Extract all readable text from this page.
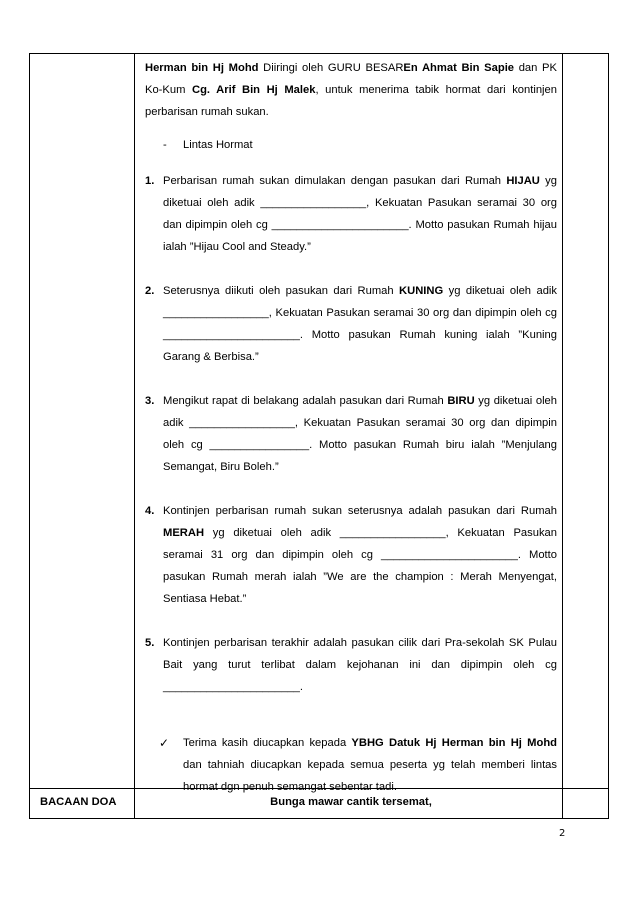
Herman bin Hj Mohd Diiringi oleh GURU BESAREn Ahmat Bin Sapie dan PK Ko-Kum Cg. Arif Bin Hj Malek, untuk menerima tabik hormat dari kontinjen perbarisan rumah sukan.

- Lintas Hormat

1. Perbarisan rumah sukan dimulakan dengan pasukan dari Rumah HIJAU yg diketuai oleh adik _________________, Kekuatan Pasukan seramai 30 org dan dipimpin oleh cg ______________________. Motto pasukan Rumah hijau ialah ”Hijau Cool and Steady.”
2. Seterusnya diikuti oleh pasukan dari Rumah KUNING yg diketuai oleh adik _________________, Kekuatan Pasukan seramai 30 org dan dipimpin oleh cg ______________________. Motto pasukan Rumah kuning ialah ”Kuning Garang & Berbisa.”
3. Mengikut rapat di belakang adalah pasukan dari Rumah BIRU yg diketuai oleh adik _________________, Kekuatan Pasukan seramai 30 org dan dipimpin oleh cg ________________. Motto pasukan Rumah biru ialah ”Menjulang Semangat, Biru Boleh.”
4. Kontinjen perbarisan rumah sukan seterusnya adalah pasukan dari Rumah MERAH yg diketuai oleh adik _________________, Kekuatan Pasukan seramai 31 org dan dipimpin oleh cg ______________________. Motto pasukan Rumah merah ialah ”We are the champion : Merah Menyengat, Sentiasa Hebat.”
5. Kontinjen perbarisan terakhir adalah pasukan cilik dari Pra-sekolah SK Pulau Bait yang turut terlibat dalam kejohanan ini dan dipimpin oleh cg ______________________.
✓ Terima kasih diucapkan kepada YBHG Datuk Hj Herman bin Hj Mohd dan tahniah diucapkan kepada semua peserta yg telah memberi lintas hormat dgn penuh semangat sebentar tadi.
BACAAN DOA	Bunga mawar cantik tersemat,
2
